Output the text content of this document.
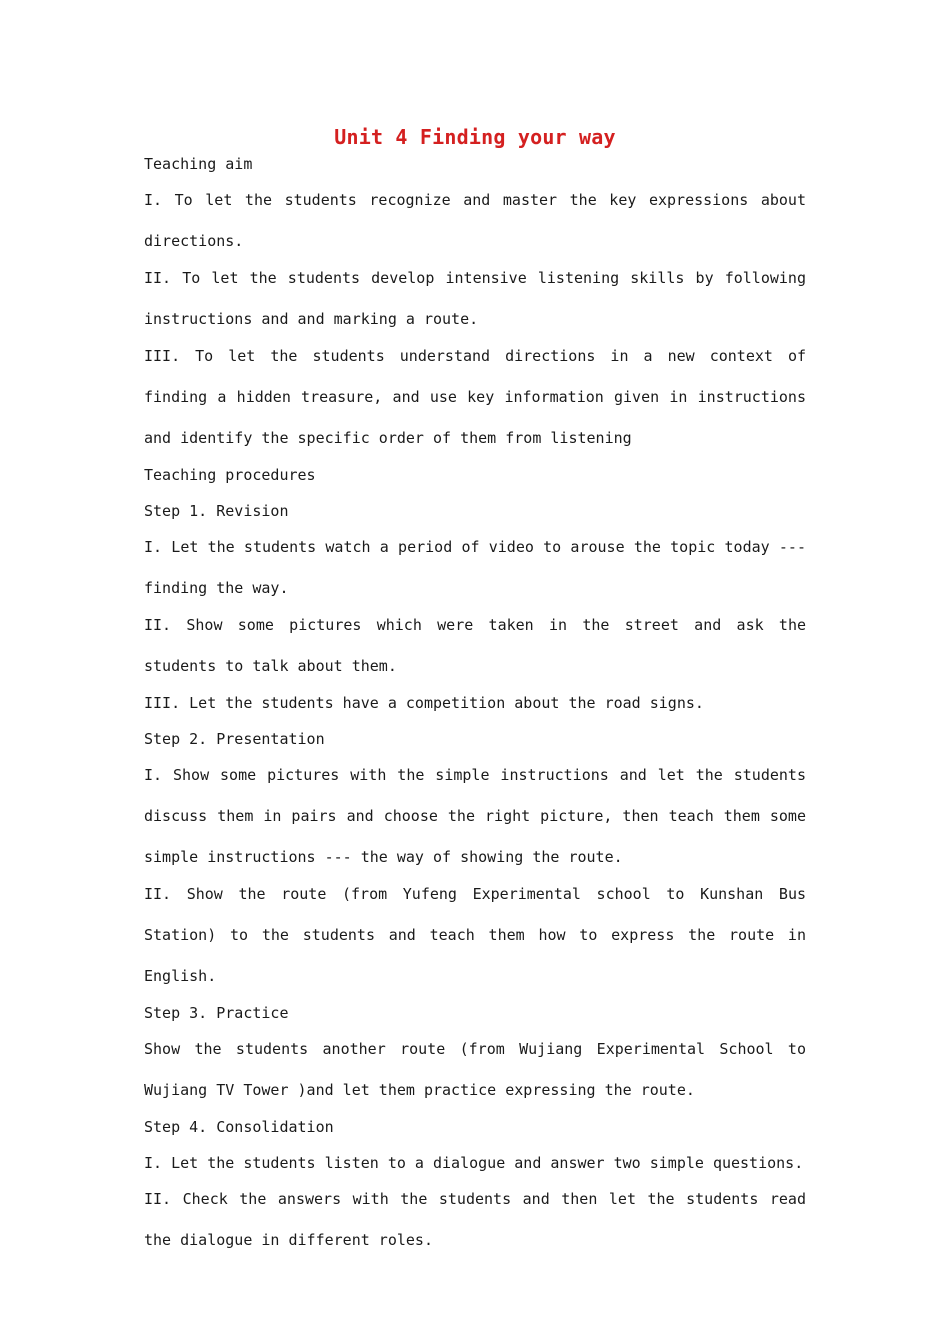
Unit 4 Finding your way

Teaching aim

I. To let the students recognize and master the key expressions about directions.

II. To let the students develop intensive listening skills by following instructions and and marking a route.

III. To let the students understand directions in a new context of finding a hidden treasure, and use key information given in instructions and identify the specific order of them from listening

Teaching procedures

Step 1. Revision

I. Let the students watch a period of video to arouse the topic today --- finding the way.

II. Show some pictures which were taken in the street and ask the students to talk about them.

III. Let the students have a competition about the road signs.

Step 2. Presentation

I. Show some pictures with the simple instructions and let the students discuss them in pairs and choose the right picture, then teach them some simple instructions --- the way of showing the route.

II. Show the route (from Yufeng Experimental school to Kunshan Bus Station) to the students and teach them how to express the route in English.

Step 3. Practice

Show the students another route (from Wujiang Experimental School to Wujiang TV Tower )and let them practice expressing the route.

Step 4. Consolidation

I. Let the students listen to a dialogue and answer two simple questions.

II. Check the answers with the students and then let the students read the dialogue in different roles.
